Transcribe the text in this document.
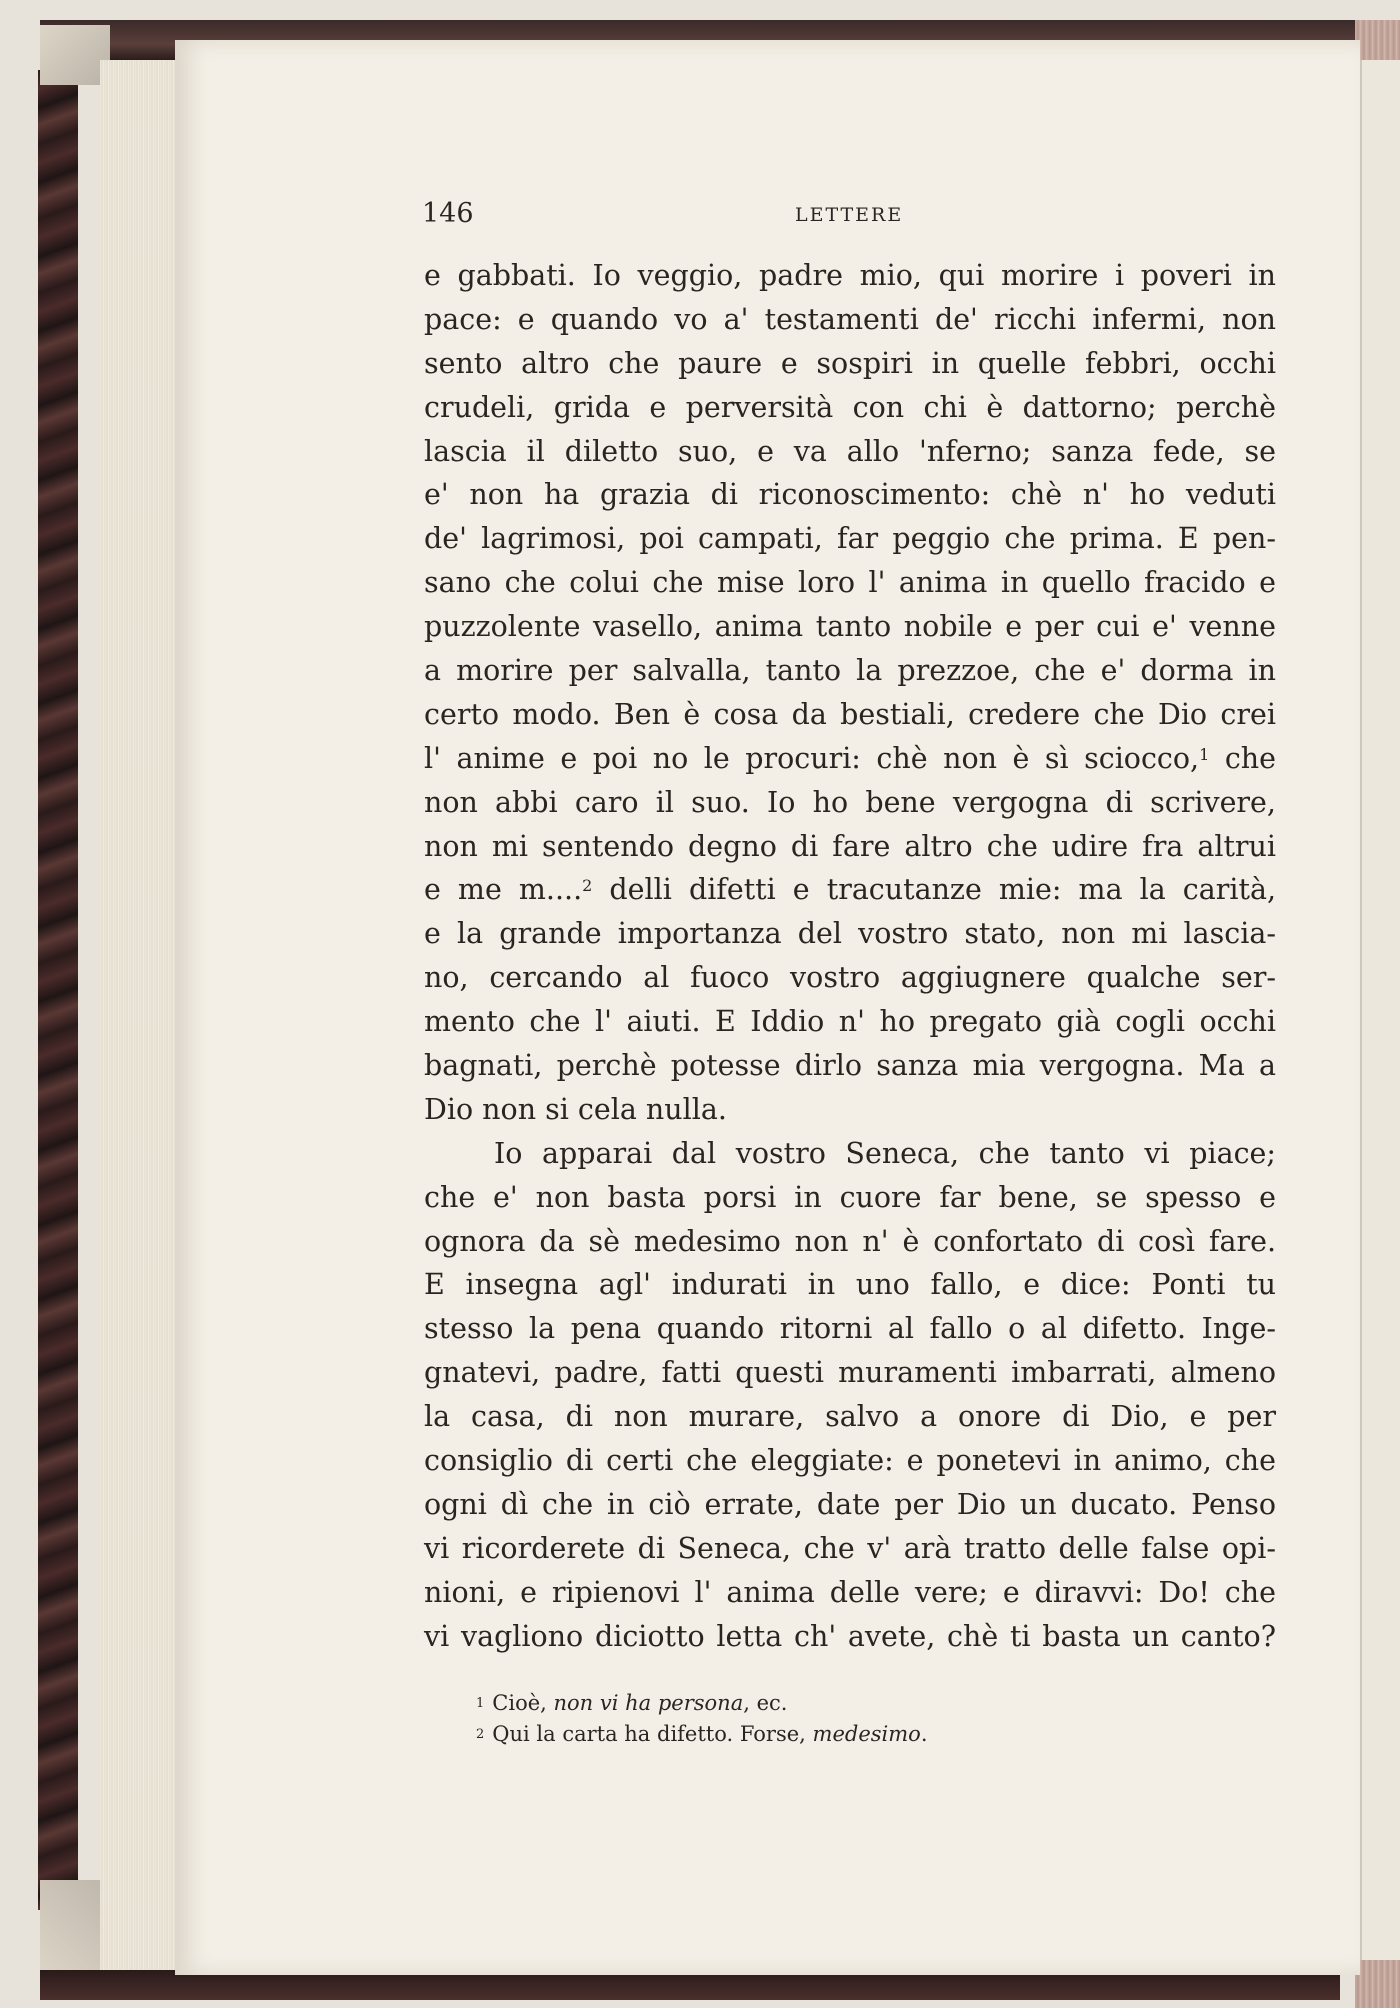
146	LETTERE
e gabbati. Io veggio, padre mio, qui morire i poveri in
pace: e quando vo a' testamenti de' ricchi infermi, non
sento altro che paure e sospiri in quelle febbri, occhi
crudeli, grida e perversità con chi è dattorno; perchè
lascia il diletto suo, e va allo 'nferno; sanza fede, se
e' non ha grazia di riconoscimento: chè n' ho veduti
de' lagrimosi, poi campati, far peggio che prima. E pen-
sano che colui che mise loro l' anima in quello fracido e
puzzolente vasello, anima tanto nobile e per cui e' venne
a morire per salvalla, tanto la prezzoe, che e' dorma in
certo modo. Ben è cosa da bestiali, credere che Dio crei
l' anime e poi no le procuri: chè non è sì sciocco,$^1$ che
non abbi caro il suo. Io ho bene vergogna di scrivere,
non mi sentendo degno di fare altro che udire fra altrui
e me m....$^2$ delli difetti e tracutanze mie: ma la carità,
e la grande importanza del vostro stato, non mi lascia-
no, cercando al fuoco vostro aggiugnere qualche ser-
mento che l' aiuti. E Iddio n' ho pregato già cogli occhi
bagnati, perchè potesse dirlo sanza mia vergogna. Ma a
Dio non si cela nulla.
Io apparai dal vostro Seneca, che tanto vi piace;
che e' non basta porsi in cuore far bene, se spesso e
ognora da sè medesimo non n' è confortato di così fare.
E insegna agl' indurati in uno fallo, e dice: Ponti tu
stesso la pena quando ritorni al fallo o al difetto. Inge-
gnatevi, padre, fatti questi muramenti imbarrati, almeno
la casa, di non murare, salvo a onore di Dio, e per
consiglio di certi che eleggiate: e ponetevi in animo, che
ogni dì che in ciò errate, date per Dio un ducato. Penso
vi ricorderete di Seneca, che v' arà tratto delle false opi-
nioni, e ripienovi l' anima delle vere; e diravvi: Do! che
vi vagliono diciotto letta ch' avete, chè ti basta un canto?
$^1$ Cioè, non vi ha persona, ec.
$^2$ Qui la carta ha difetto. Forse, medesimo.
